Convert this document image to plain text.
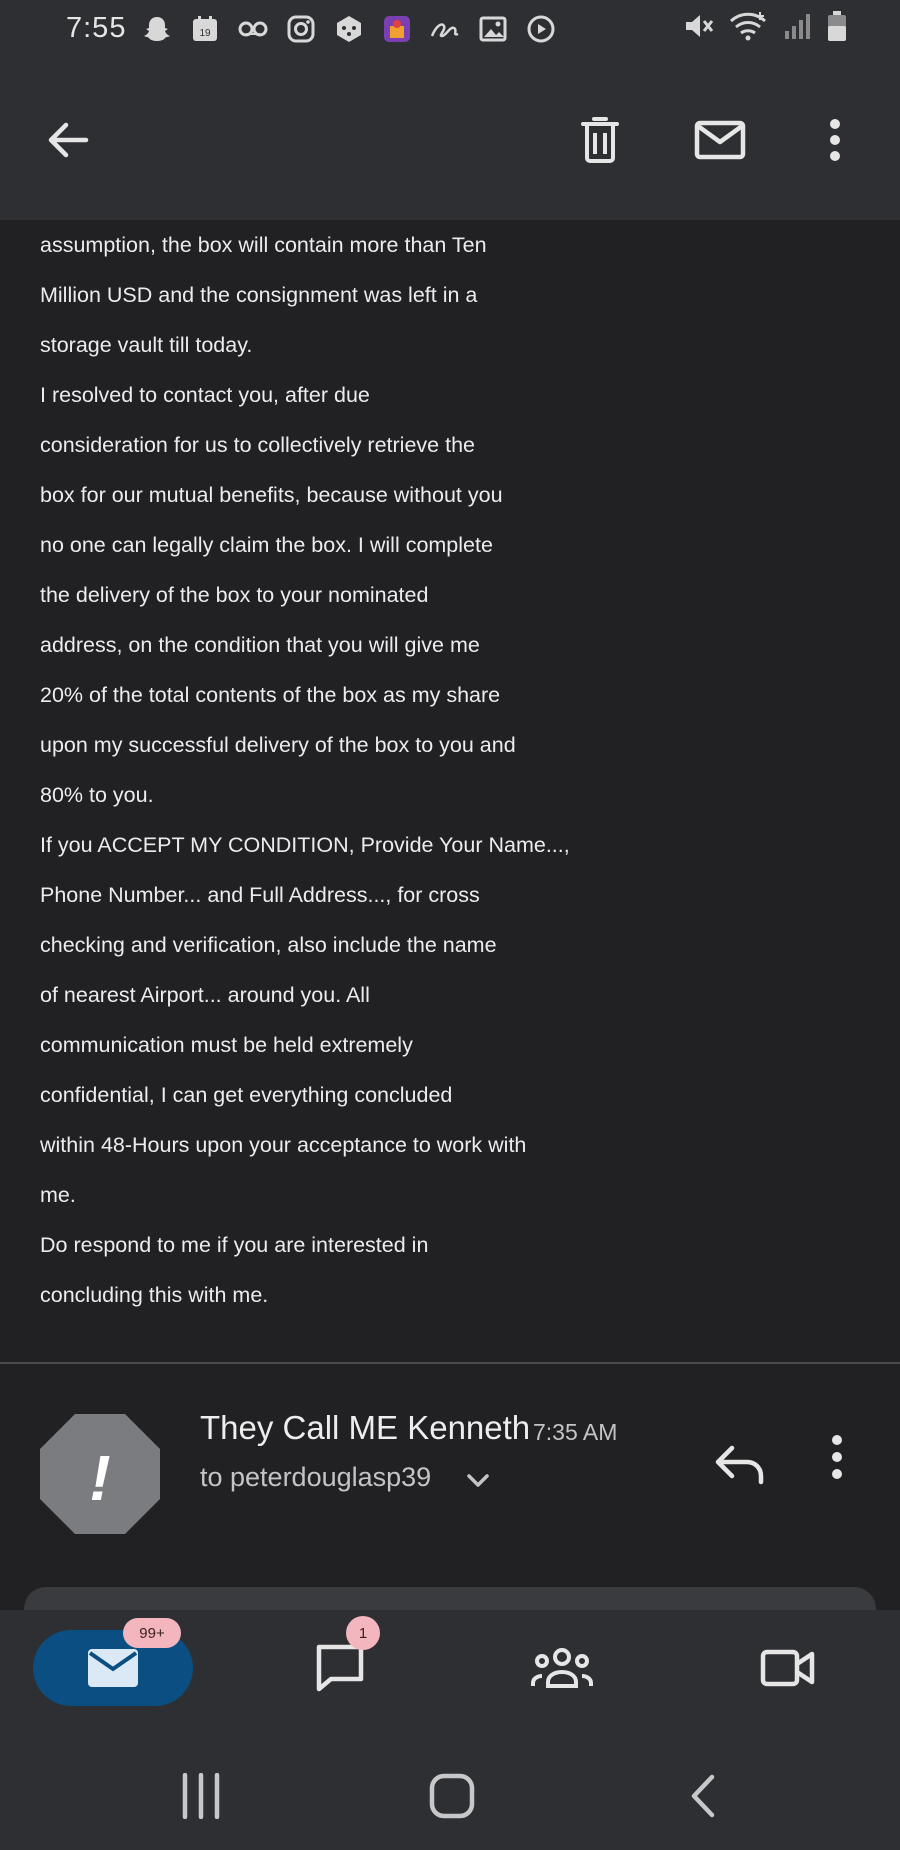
7:55	19
assumption, the box will contain more than Ten
Million USD and the consignment was left in a
storage vault till today.
I resolved to contact you, after due
consideration for us to collectively retrieve the
box for our mutual benefits, because without you
no one can legally claim the box. I will complete
the delivery of the box to your nominated
address, on the condition that you will give me
20% of the total contents of the box as my share
upon my successful delivery of the box to you and
80% to you.
If you ACCEPT MY CONDITION, Provide Your Name...,
Phone Number... and Full Address..., for cross
checking and verification, also include the name
of nearest Airport... around you. All
communication must be held extremely
confidential, I can get everything concluded
within 48-Hours upon your acceptance to work with
me.
Do respond to me if you are interested in
concluding this with me.
!
They Call ME Kenneth 7:35 AM
to peterdouglasp39
99+	1
